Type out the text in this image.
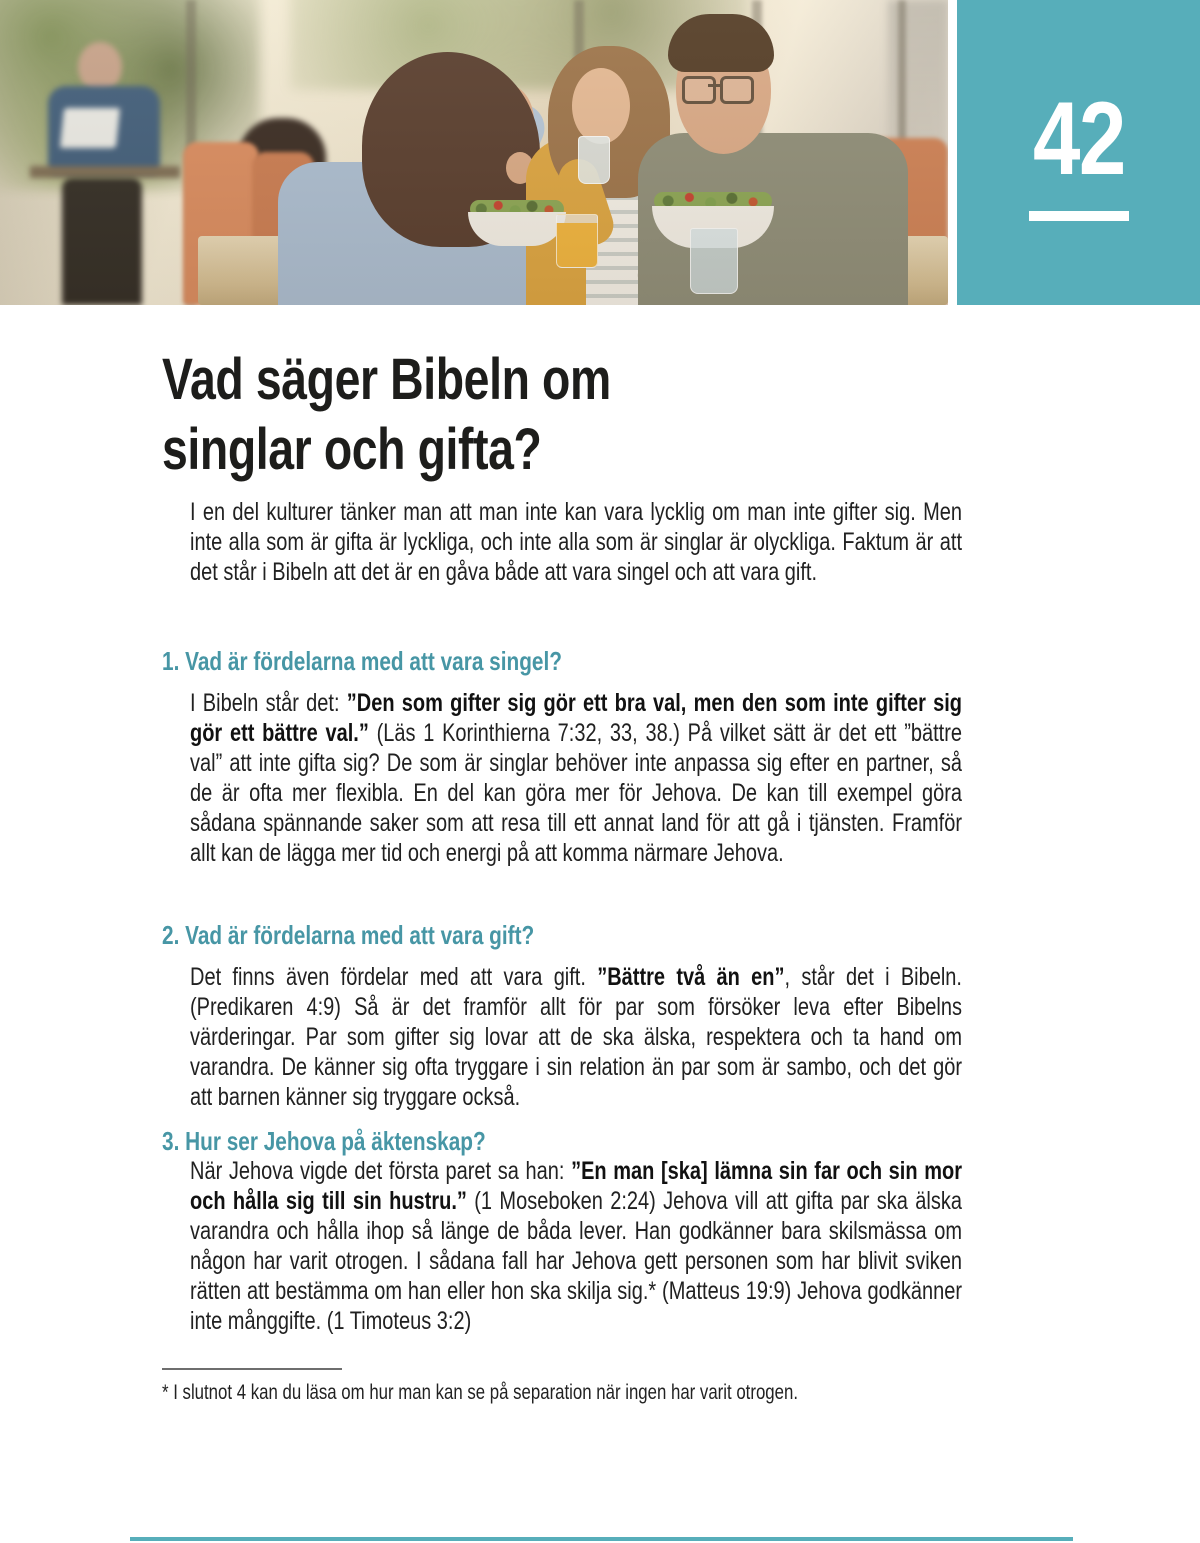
42
Vad säger Bibeln om singlar och gifta?

I en del kulturer tänker man att man inte kan vara lycklig om man inte gifter sig. Men inte alla som är gifta är lyckliga, och inte alla som är singlar är olyckliga. Faktum är att det står i Bibeln att det är en gåva både att vara singel och att vara gift.

1. Vad är fördelarna med att vara singel?

I Bibeln står det: ”Den som gifter sig gör ett bra val, men den som inte gifter sig gör ett bättre val.” (Läs 1 Korinthierna 7:32, 33, 38.) På vilket sätt är det ett ”bättre val” att inte gifta sig? De som är singlar behöver inte anpassa sig efter en partner, så de är ofta mer flexibla. En del kan göra mer för Jehova. De kan till exempel göra sådana spännande saker som att resa till ett annat land för att gå i tjänsten. Framför allt kan de lägga mer tid och energi på att komma närmare Jehova.

2. Vad är fördelarna med att vara gift?

Det finns även fördelar med att vara gift. ”Bättre två än en”, står det i Bibeln. (Predikaren 4:9) Så är det framför allt för par som försöker leva efter Bibelns värderingar. Par som gifter sig lovar att de ska älska, respektera och ta hand om varandra. De känner sig ofta tryggare i sin relation än par som är sambo, och det gör att barnen känner sig tryggare också.

3. Hur ser Jehova på äktenskap?

När Jehova vigde det första paret sa han: ”En man [ska] lämna sin far och sin mor och hålla sig till sin hustru.” (1 Moseboken 2:24) Jehova vill att gifta par ska älska varandra och hålla ihop så länge de båda lever. Han godkänner bara skilsmässa om någon har varit otrogen. I sådana fall har Jehova gett personen som har blivit sviken rätten att bestämma om han eller hon ska skilja sig.* (Matteus 19:9) Jehova godkänner inte månggifte. (1 Timoteus 3:2)

* I slutnot 4 kan du läsa om hur man kan se på separation när ingen har varit otrogen.
